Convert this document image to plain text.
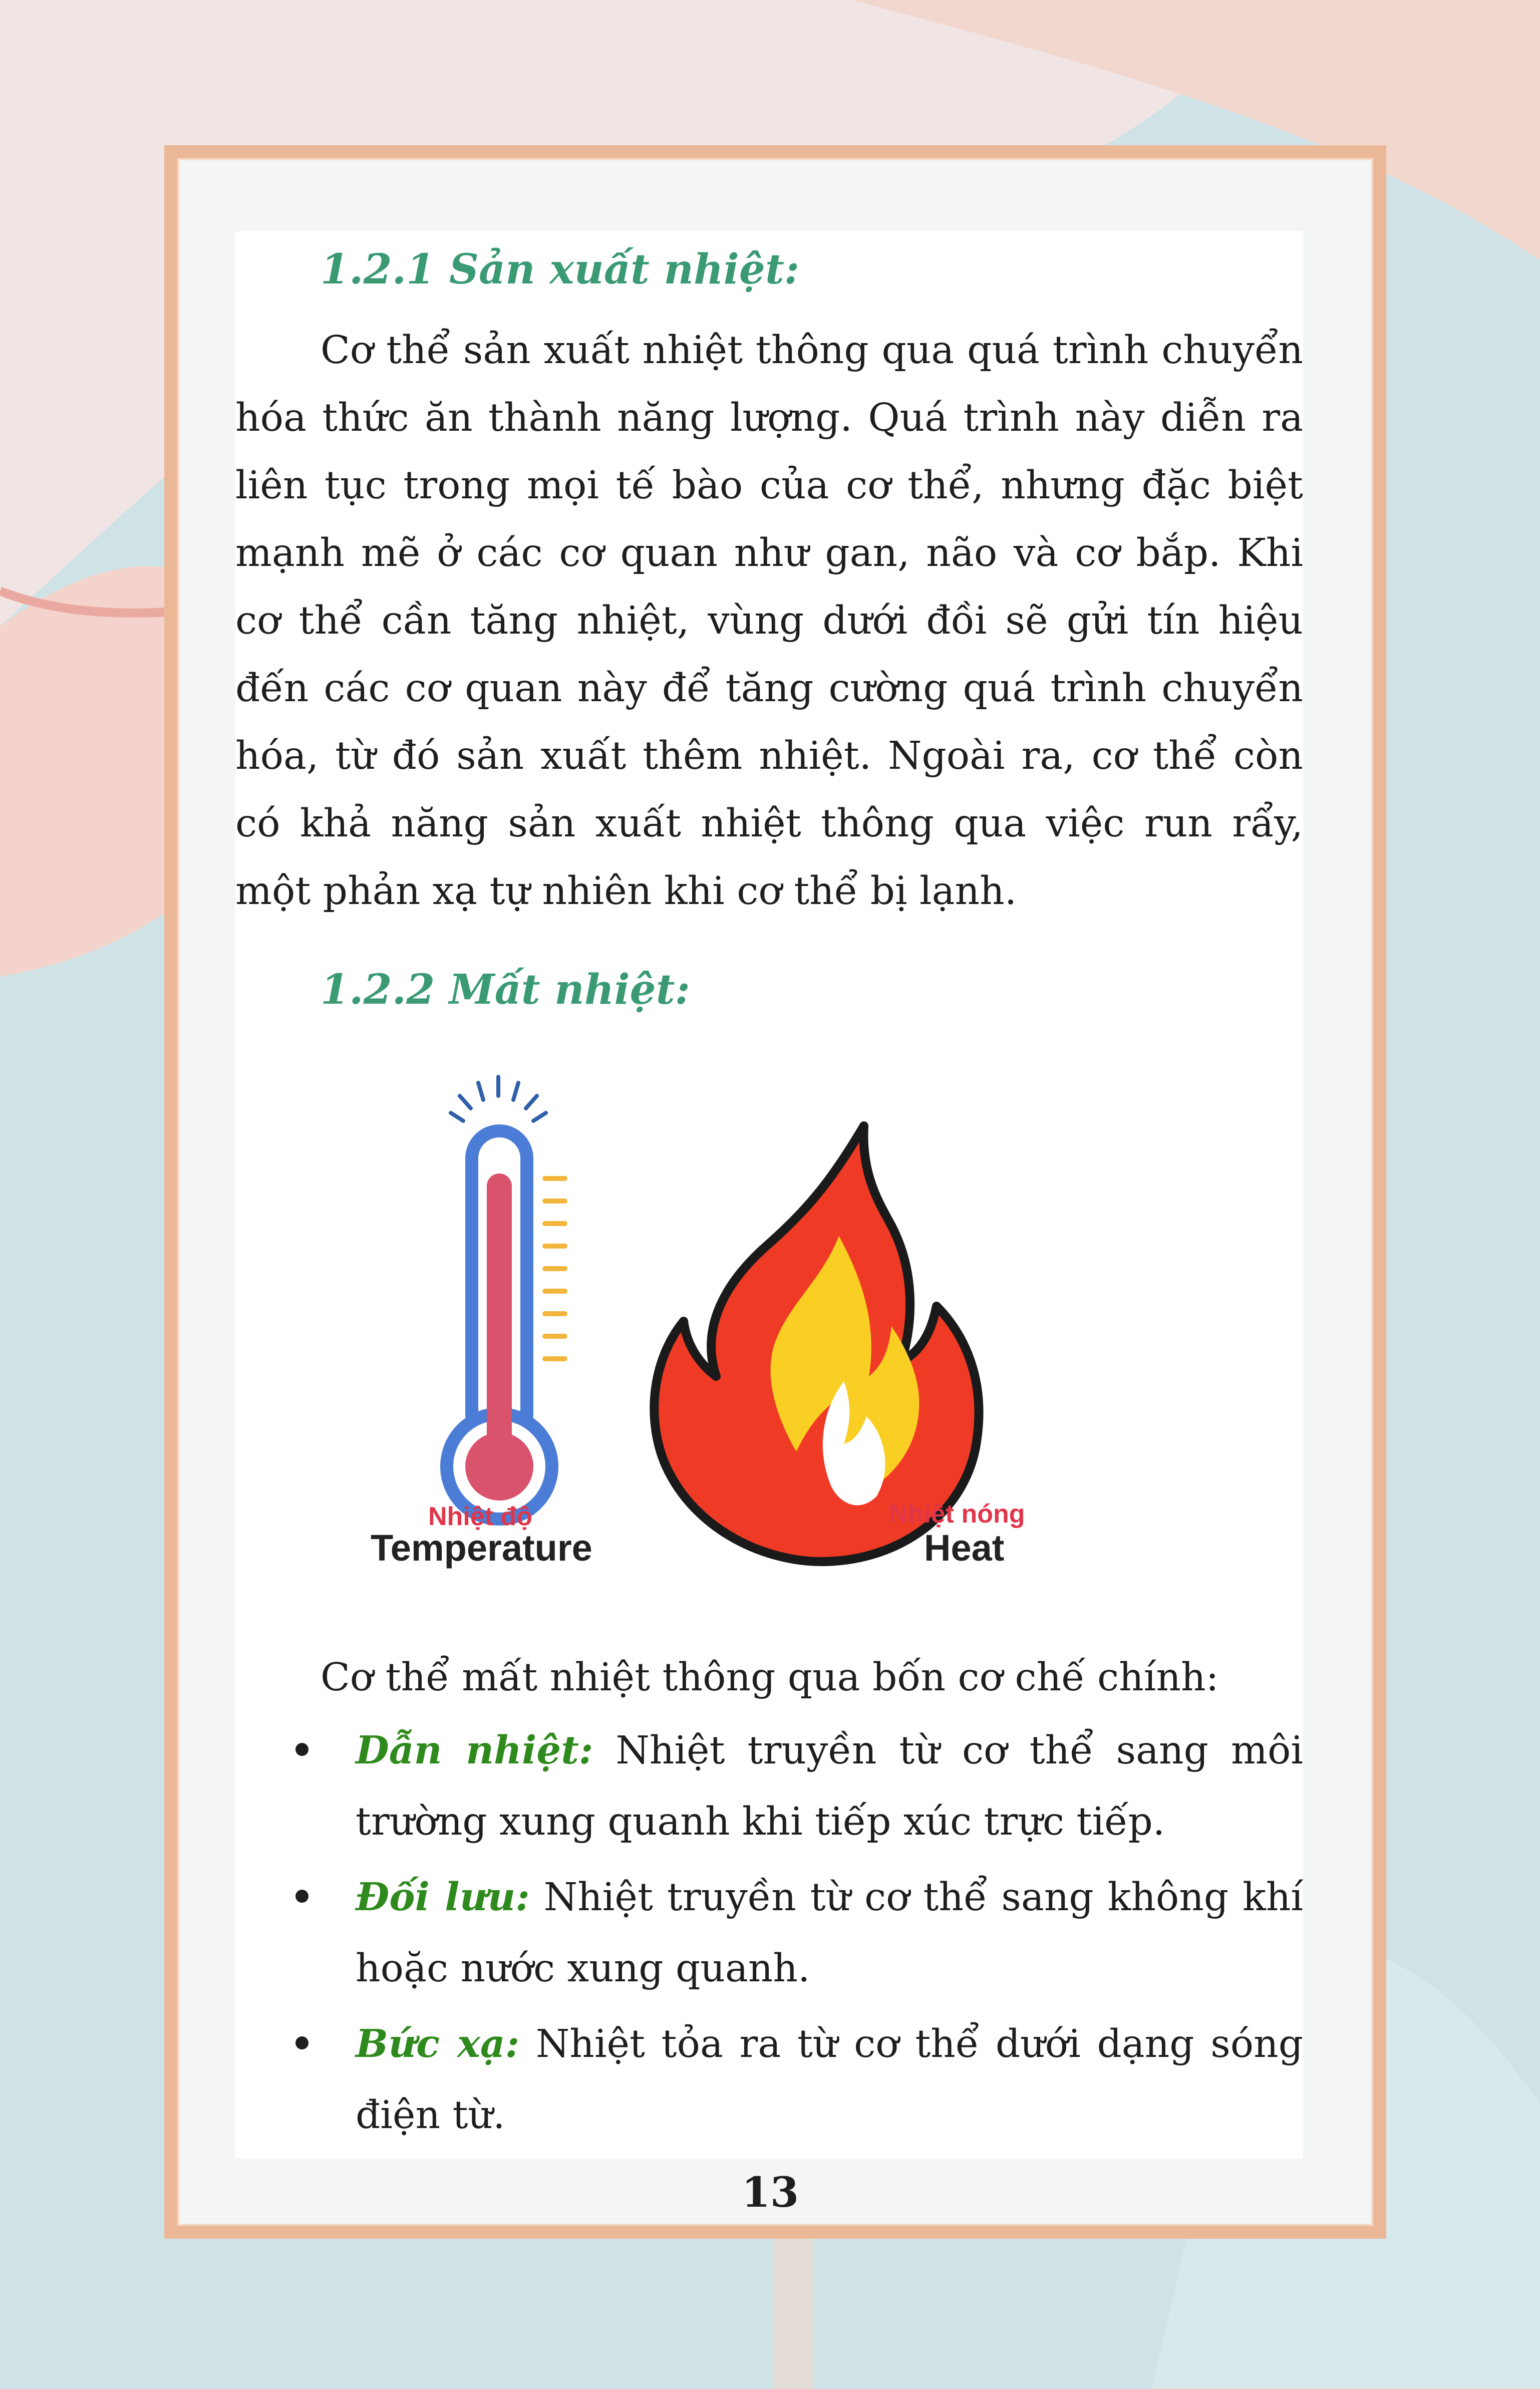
1.2.1 Sản xuất nhiệt:

Cơ thể sản xuất nhiệt thông qua quá trình chuyển hóa thức ăn thành năng lượng. Quá trình này diễn ra liên tục trong mọi tế bào của cơ thể, nhưng đặc biệt mạnh mẽ ở các cơ quan như gan, não và cơ bắp. Khi cơ thể cần tăng nhiệt, vùng dưới đồi sẽ gửi tín hiệu đến các cơ quan này để tăng cường quá trình chuyển hóa, từ đó sản xuất thêm nhiệt. Ngoài ra, cơ thể còn có khả năng sản xuất nhiệt thông qua việc run rẩy, một phản xạ tự nhiên khi cơ thể bị lạnh.

1.2.2 Mất nhiệt:
Nhiệt độ
Temperature
Nhiệt nóng
Heat

Cơ thể mất nhiệt thông qua bốn cơ chế chính:

Dẫn nhiệt: Nhiệt truyền từ cơ thể sang môi trường xung quanh khi tiếp xúc trực tiếp.
Đối lưu: Nhiệt truyền từ cơ thể sang không khí hoặc nước xung quanh.
Bức xạ: Nhiệt tỏa ra từ cơ thể dưới dạng sóng điện từ.
13
